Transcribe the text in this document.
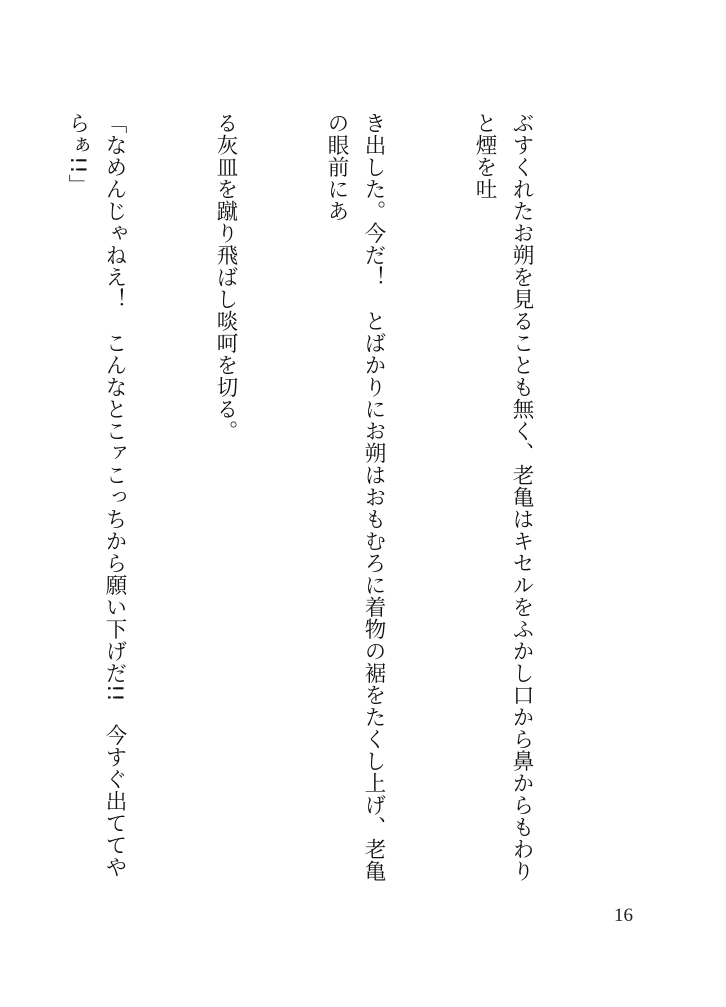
ぶすくれたお朔を見ることも無く、老亀はキセルをふかし口から鼻からもわりと煙を吐

き出した。今だ！　とばかりにお朔はおもむろに着物の裾をたくし上げ、老亀の眼前にあ

る灰皿を蹴り飛ばし啖呵を切る。

「なめんじゃねえ！　こんなとこァこっちから願い下げだ!!　今すぐ出ててやらぁ!!」

16
